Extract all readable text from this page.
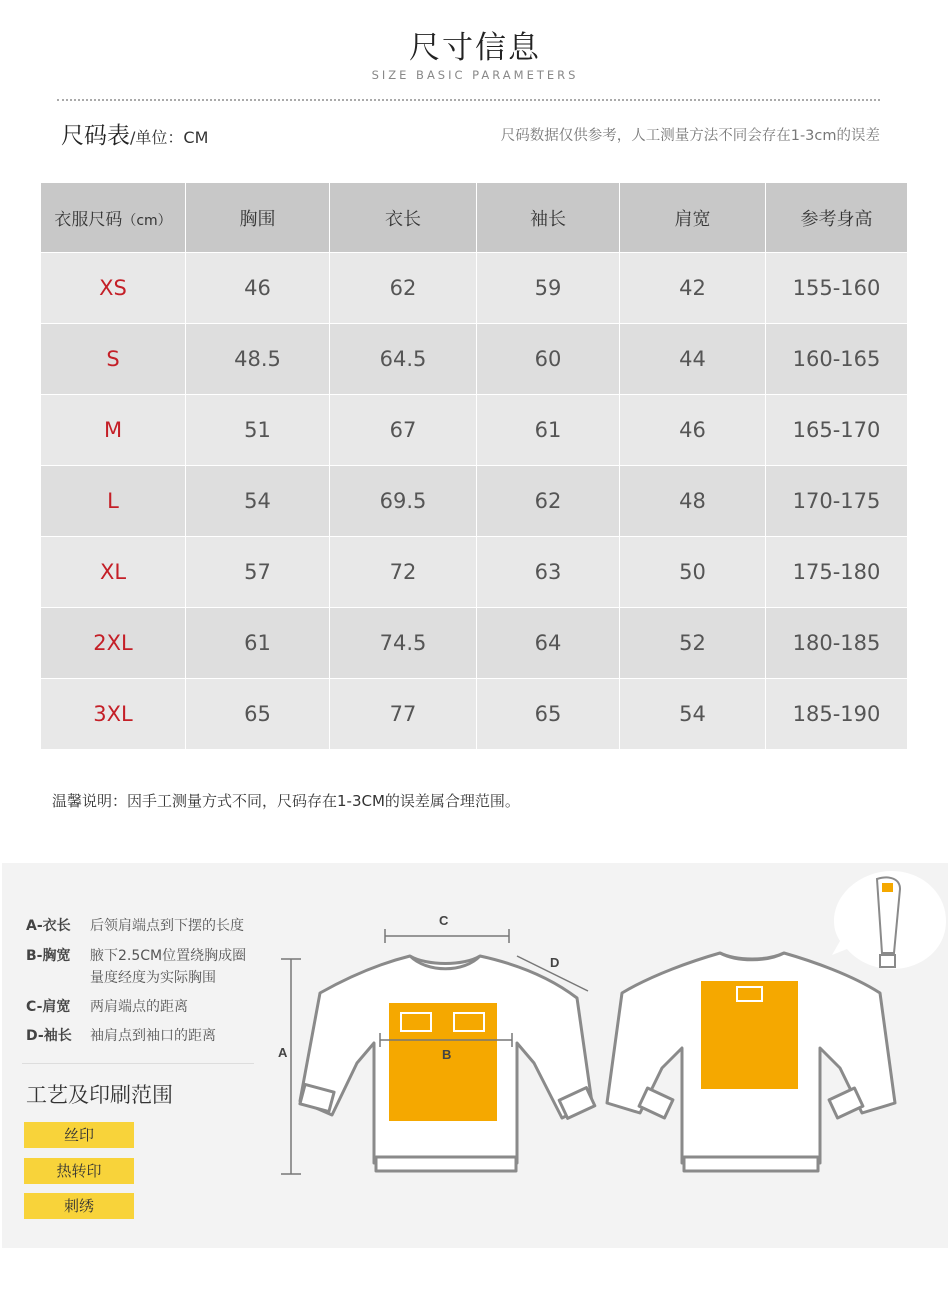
尺寸信息
SIZE BASIC PARAMETERS
尺码表/单位：CM	尺码数据仅供参考，人工测量方法不同会存在1-3cm的误差
衣服尺码（cm）	胸围	衣长	袖长	肩宽	参考身高
XS	46	62	59	42	155-160
S	48.5	64.5	60	44	160-165
M	51	67	61	46	165-170
L	54	69.5	62	48	170-175
XL	57	72	63	50	175-180
2XL	61	74.5	64	52	180-185
3XL	65	77	65	54	185-190
温馨说明：因手工测量方式不同，尺码存在1-3CM的误差属合理范围。
A-衣长 后领肩端点到下摆的长度
B-胸宽 腋下2.5CM位置绕胸成圈量度经度为实际胸围
C-肩宽 两肩端点的距离
D-袖长 袖肩点到袖口的距离
工艺及印刷范围
丝印
热转印
刺绣
A	B
C
D
